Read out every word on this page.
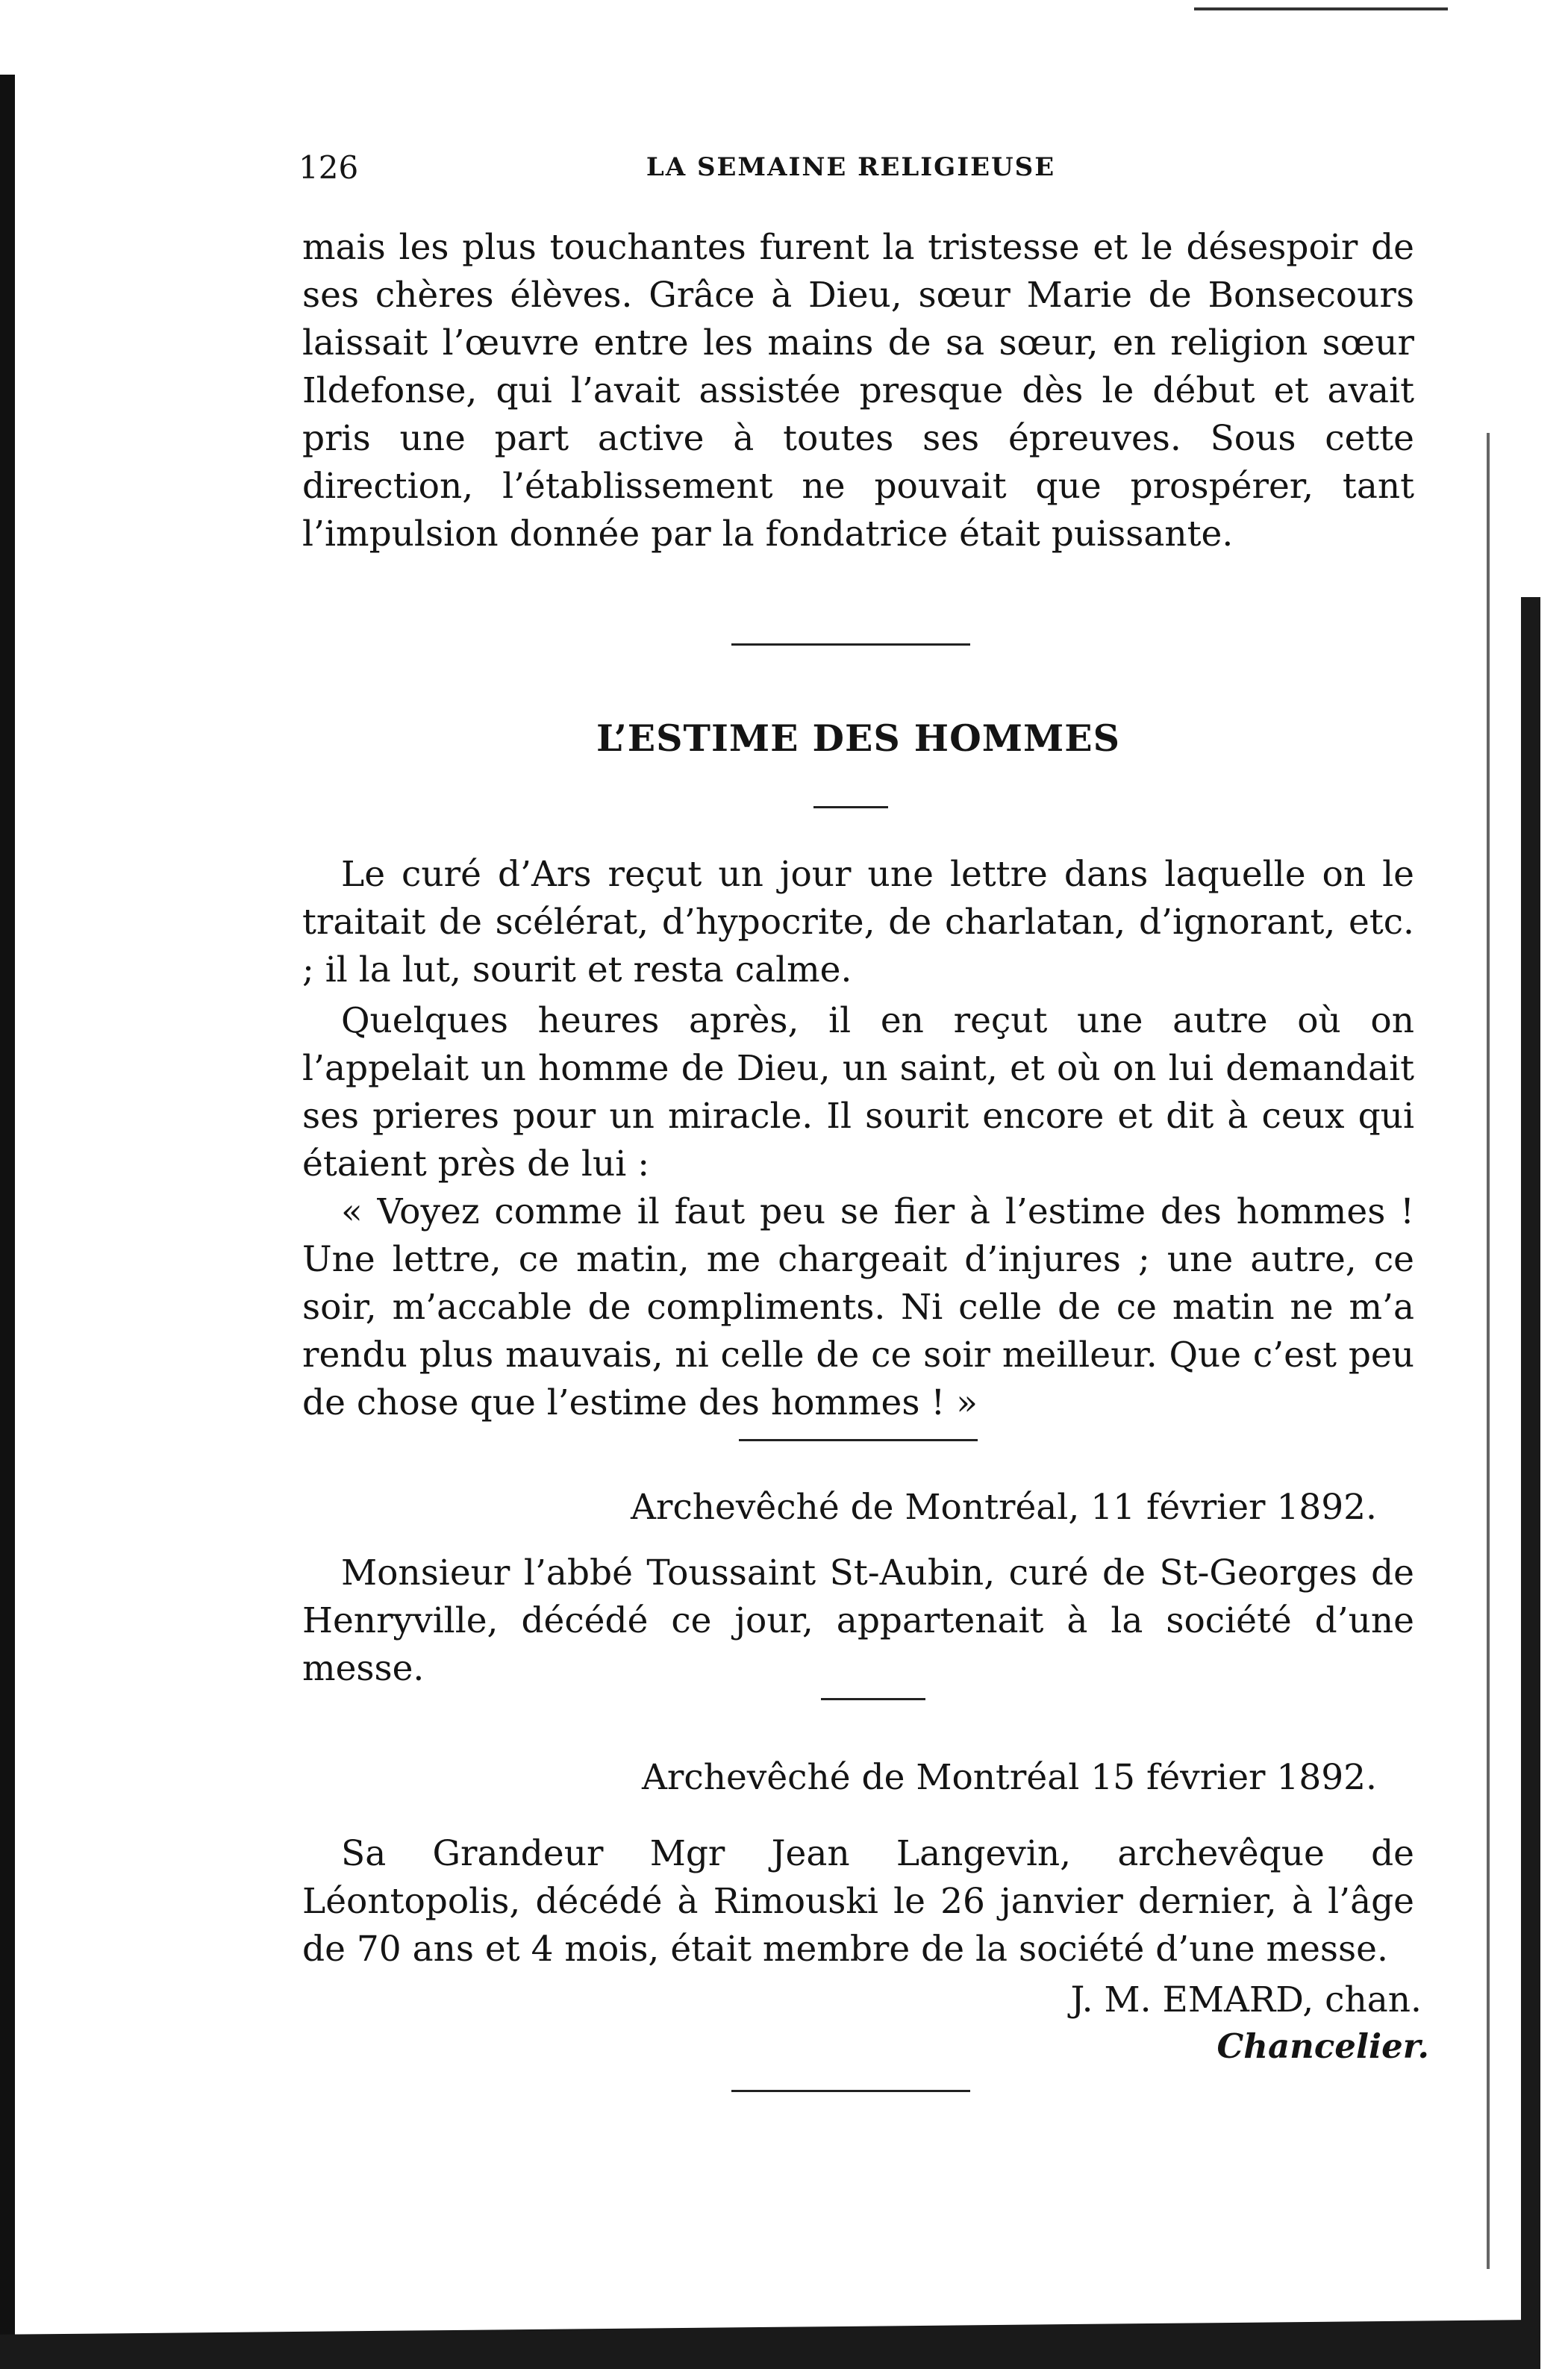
126	LA SEMAINE RELIGIEUSE

mais les plus touchantes furent la tristesse et le désespoir de ses chères élèves. Grâce à Dieu, sœur Marie de Bonsecours laissait l’œuvre entre les mains de sa sœur, en religion sœur Ildefonse, qui l’avait assistée presque dès le début et avait pris une part active à toutes ses épreuves. Sous cette direction, l’établissement ne pouvait que prospérer, tant l’impulsion donnée par la fondatrice était puissante.

L’ESTIME DES HOMMES

Le curé d’Ars reçut un jour une lettre dans laquelle on le traitait de scélérat, d’hypocrite, de charlatan, d’ignorant, etc. ; il la lut, sourit et resta calme.

Quelques heures après, il en reçut une autre où on l’appelait un homme de Dieu, un saint, et où on lui demandait ses prieres pour un miracle. Il sourit encore et dit à ceux qui étaient près de lui :

« Voyez comme il faut peu se fier à l’estime des hommes ! Une lettre, ce matin, me chargeait d’injures ; une autre, ce soir, m’accable de compliments. Ni celle de ce matin ne m’a rendu plus mauvais, ni celle de ce soir meilleur. Que c’est peu de chose que l’estime des hommes ! »

Archevêché de Montréal, 11 février 1892.

Monsieur l’abbé Toussaint St-Aubin, curé de St-Georges de Henryville, décédé ce jour, appartenait à la société d’une messe.

Archevêché de Montréal 15 février 1892.

Sa Grandeur Mgr Jean Langevin, archevêque de Léontopolis, décédé à Rimouski le 26 janvier dernier, à l’âge de 70 ans et 4 mois, était membre de la société d’une messe.

J. M. EMARD, chan.
Chancelier.
